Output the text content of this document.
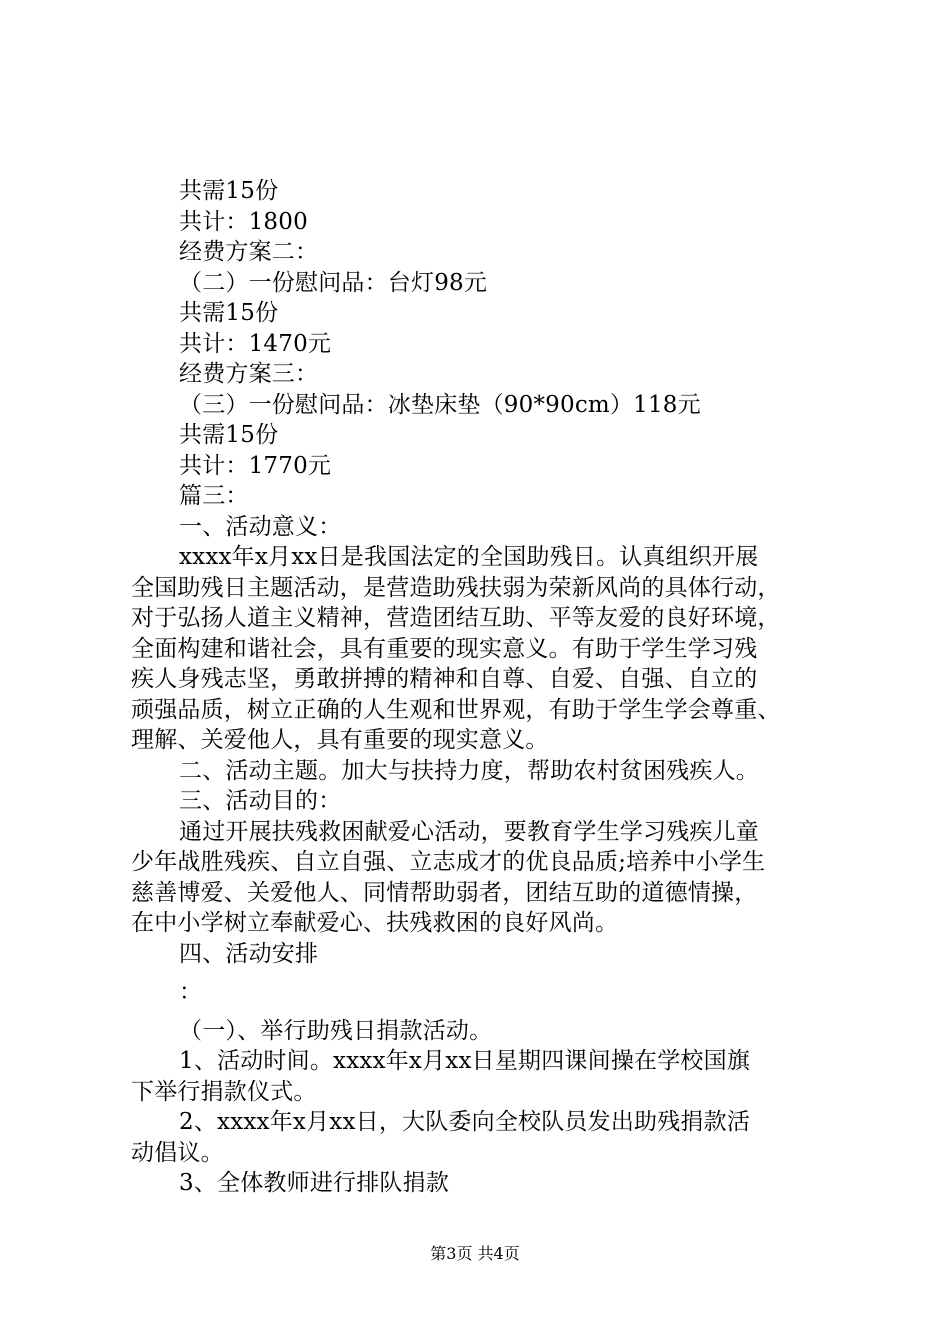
共需15份
共计：1800
经费方案二：
（二）一份慰问品：台灯98元
共需15份
共计：1470元
经费方案三：
（三）一份慰问品：冰垫床垫（90*90cm）118元
共需15份
共计：1770元
篇三：
一、活动意义：
xxxx年x月xx日是我国法定的全国助残日。认真组织开展
全国助残日主题活动，是营造助残扶弱为荣新风尚的具体行动，
对于弘扬人道主义精神，营造团结互助、平等友爱的良好环境，
全面构建和谐社会，具有重要的现实意义。有助于学生学习残
疾人身残志坚，勇敢拼搏的精神和自尊、自爱、自强、自立的
顽强品质，树立正确的人生观和世界观，有助于学生学会尊重、
理解、关爱他人，具有重要的现实意义。
二、活动主题。加大与扶持力度，帮助农村贫困残疾人。
三、活动目的：
通过开展扶残救困献爱心活动，要教育学生学习残疾儿童
少年战胜残疾、自立自强、立志成才的优良品质;培养中小学生
慈善博爱、关爱他人、同情帮助弱者，团结互助的道德情操，
在中小学树立奉献爱心、扶残救困的良好风尚。
四、活动安排
：
（一）、举行助残日捐款活动。
1、活动时间。xxxx年x月xx日星期四课间操在学校国旗
下举行捐款仪式。
2、xxxx年x月xx日，大队委向全校队员发出助残捐款活
动倡议。
3、全体教师进行排队捐款
第3页 共4页
